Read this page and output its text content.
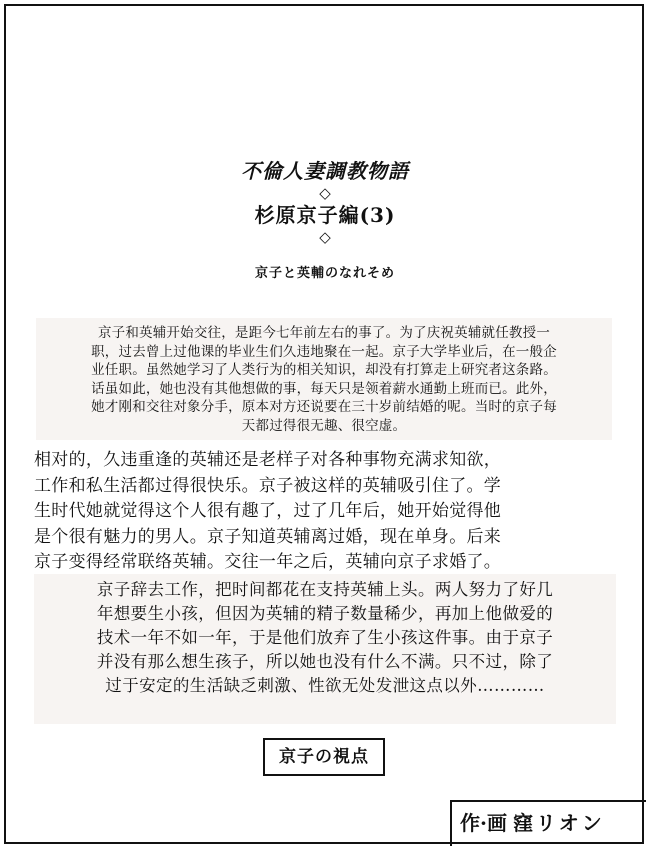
不倫人妻調教物語
◇
杉原京子編(3)
◇
京子と英輔のなれそめ
京子和英辅开始交往，是距今七年前左右的事了。为了庆祝英辅就任教授一
职，过去曾上过他课的毕业生们久违地聚在一起。京子大学毕业后，在一般企
业任职。虽然她学习了人类行为的相关知识，却没有打算走上研究者这条路。
话虽如此，她也没有其他想做的事，每天只是领着薪水通勤上班而已。此外，
她才刚和交往对象分手，原本对方还说要在三十岁前结婚的呢。当时的京子每
天都过得很无趣、很空虚。
相对的，久违重逢的英辅还是老样子对各种事物充满求知欲，
工作和私生活都过得很快乐。京子被这样的英辅吸引住了。学
生时代她就觉得这个人很有趣了，过了几年后，她开始觉得他
是个很有魅力的男人。京子知道英辅离过婚，现在单身。后来
京子变得经常联络英辅。交往一年之后，英辅向京子求婚了。
京子辞去工作，把时间都花在支持英辅上头。两人努力了好几
年想要生小孩，但因为英辅的精子数量稀少，再加上他做爱的
技术一年不如一年，于是他们放弃了生小孩这件事。由于京子
并没有那么想生孩子，所以她也没有什么不满。只不过，除了
过于安定的生活缺乏刺激、性欲无处发泄这点以外…………
京子の視点
作·画 窪リオン
